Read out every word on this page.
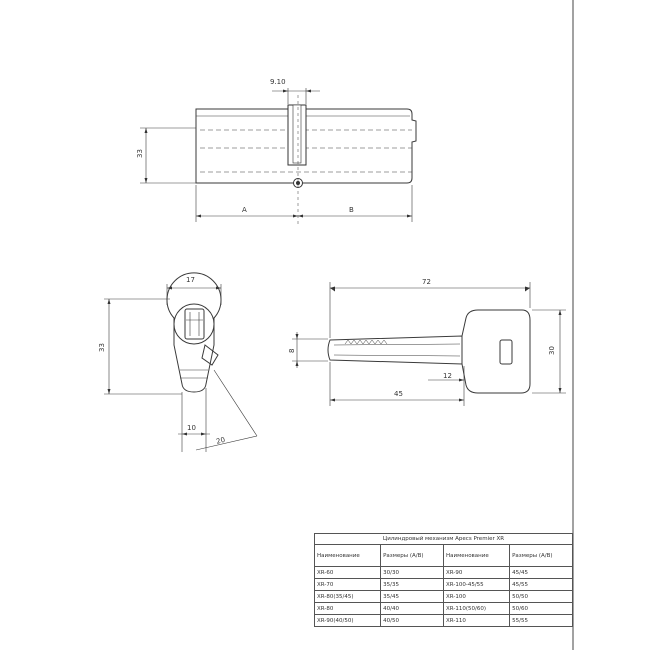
9.10
33
A	B
17
33
10
20
72
45
12
8	30
Цилиндровый механизм Apecs Premier XR			
Наименование	Размеры (A/B)	Наименование	Размеры (A/B)
XR-60	30/30	XR-90	45/45
XR-70	35/35	XR-100-45/55	45/55
XR-80(35/45)	35/45	XR-100	50/50
XR-80	40/40	XR-110(50/60)	50/60
XR-90(40/50)	40/50	XR-110	55/55
